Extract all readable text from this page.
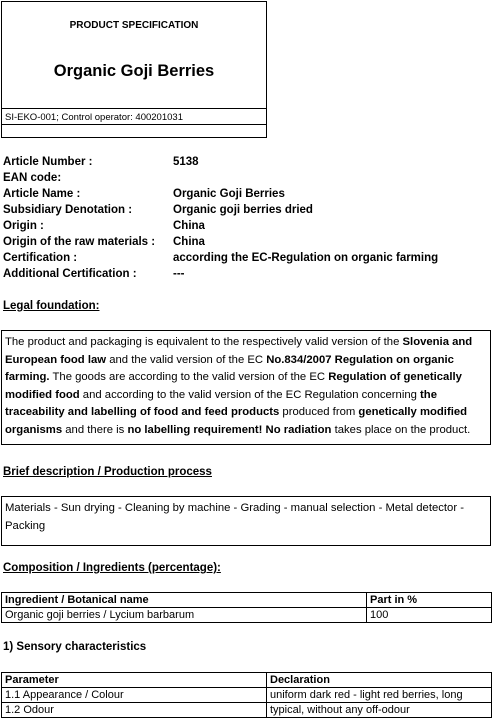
PRODUCT SPECIFICATION
Organic Goji Berries
SI-EKO-001; Control operator: 400201031
Article Number :	5138
EAN code:
Article Name :	Organic Goji Berries
Subsidiary Denotation :	Organic goji berries dried
Origin :	China
Origin of the raw materials : China
Certification :	according the EC-Regulation on organic farming
Additional Certification :	---
Legal foundation:
The product and packaging is equivalent to the respectively valid version of the Slovenia and European food law and the valid version of the EC No.834/2007 Regulation on organic farming. The goods are according to the valid version of the EC Regulation of genetically modified food and according to the valid version of the EC Regulation concerning the traceability and labelling of food and feed products produced from genetically modified organisms and there is no labelling requirement! No radiation takes place on the product.
Brief description / Production process
Materials - Sun drying - Cleaning by machine - Grading - manual selection - Metal detector - Packing
Composition / Ingredients (percentage):
Ingredient / Botanical name	Part in %
Organic goji berries / Lycium barbarum	100
1) Sensory characteristics
Parameter	Declaration
1.1 Appearance / Colour	uniform dark red - light red berries, long
1.2 Odour	typical, without any off-odour
